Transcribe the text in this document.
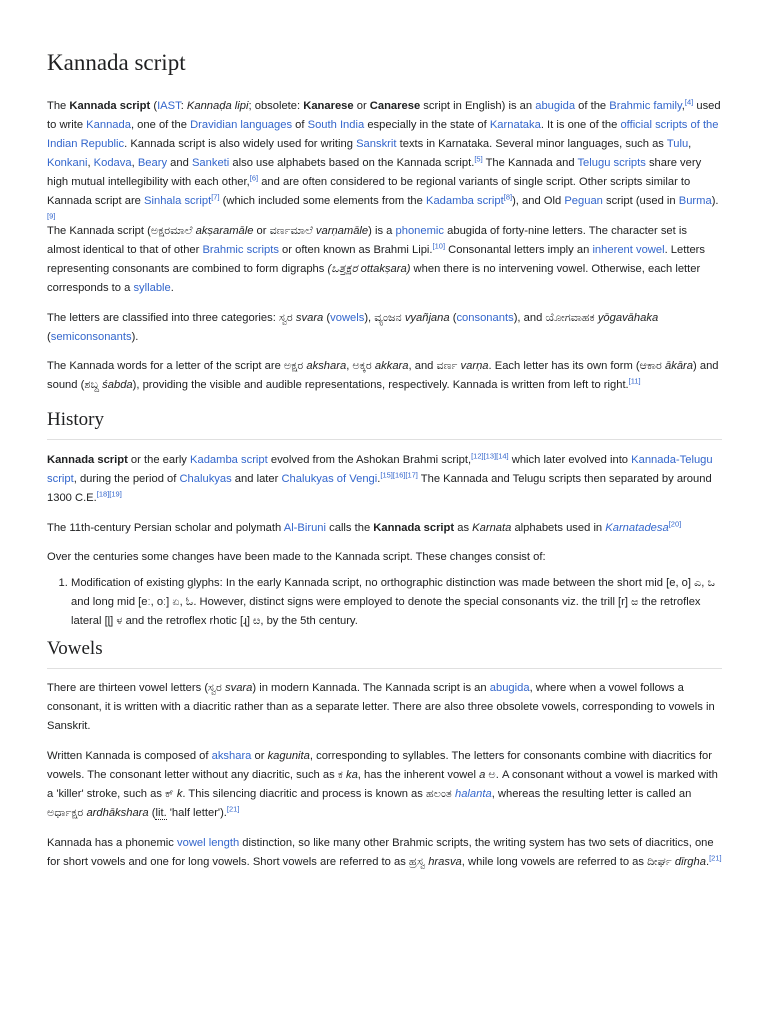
Kannada script

The Kannada script (IAST: Kannaḍa lipi; obsolete: Kanarese or Canarese script in English) is an abugida of the Brahmic family,[4] used to write Kannada, one of the Dravidian languages of South India especially in the state of Karnataka. It is one of the official scripts of the Indian Republic. Kannada script is also widely used for writing Sanskrit texts in Karnataka. Several minor languages, such as Tulu, Konkani, Kodava, Beary and Sanketi also use alphabets based on the Kannada script.[5] The Kannada and Telugu scripts share very high mutual intellegibility with each other,[6] and are often considered to be regional variants of single script. Other scripts similar to Kannada script are Sinhala script[7] (which included some elements from the Kadamba script[8]), and Old Peguan script (used in Burma).[9]

The Kannada script (ಅಕ್ಷರಮಾಲೆ akṣaramāle or ವರ್ಣಮಾಲೆ varṇamāle) is a phonemic abugida of forty-nine letters. The character set is almost identical to that of other Brahmic scripts or often known as Brahmi Lipi.[10] Consonantal letters imply an inherent vowel. Letters representing consonants are combined to form digraphs (ಒತ್ತಕ್ಷರ ottakṣara) when there is no intervening vowel. Otherwise, each letter corresponds to a syllable.

The letters are classified into three categories: ಸ್ವರ svara (vowels), ವ್ಯಂಜನ vyañjana (consonants), and ಯೋಗವಾಹಕ yōgavāhaka (semiconsonants).

The Kannada words for a letter of the script are ಅಕ್ಷರ akshara, ಅಕ್ಕರ akkara, and ವರ್ಣ varṇa. Each letter has its own form (ಆಕಾರ ākāra) and sound (ಶಬ್ದ śabda), providing the visible and audible representations, respectively. Kannada is written from left to right.[11]

History

Kannada script or the early Kadamba script evolved from the Ashokan Brahmi script,[12][13][14] which later evolved into Kannada-Telugu script, during the period of Chalukyas and later Chalukyas of Vengi.[15][16][17] The Kannada and Telugu scripts then separated by around 1300 C.E.[18][19]

The 11th-century Persian scholar and polymath Al-Biruni calls the Kannada script as Karnata alphabets used in Karnatadesa[20]

Over the centuries some changes have been made to the Kannada script. These changes consist of:

1. Modification of existing glyphs: In the early Kannada script, no orthographic distinction was made between the short mid [e, o] ಎ, ಒ and long mid [eː, oː] ಏ, ಓ. However, distinct signs were employed to denote the special consonants viz. the trill [r] ಱ the retroflex lateral [ɭ] ಳ and the retroflex rhotic [ɻ] ೞ, by the 5th century.
Vowels

There are thirteen vowel letters (ಸ್ವರ svara) in modern Kannada. The Kannada script is an abugida, where when a vowel follows a consonant, it is written with a diacritic rather than as a separate letter. There are also three obsolete vowels, corresponding to vowels in Sanskrit.

Written Kannada is composed of akshara or kagunita, corresponding to syllables. The letters for consonants combine with diacritics for vowels. The consonant letter without any diacritic, such as ಕ ka, has the inherent vowel a ಅ. A consonant without a vowel is marked with a 'killer' stroke, such as ಕ್ k. This silencing diacritic and process is known as ಹಲಂತ halanta, whereas the resulting letter is called an ಅರ್ಧಾಕ್ಷರ ardhākshara (lit. 'half letter').[21]

Kannada has a phonemic vowel length distinction, so like many other Brahmic scripts, the writing system has two sets of diacritics, one for short vowels and one for long vowels. Short vowels are referred to as ಹ್ರಸ್ವ hrasva, while long vowels are referred to as ದೀರ್ಘ dīrgha.[21]
